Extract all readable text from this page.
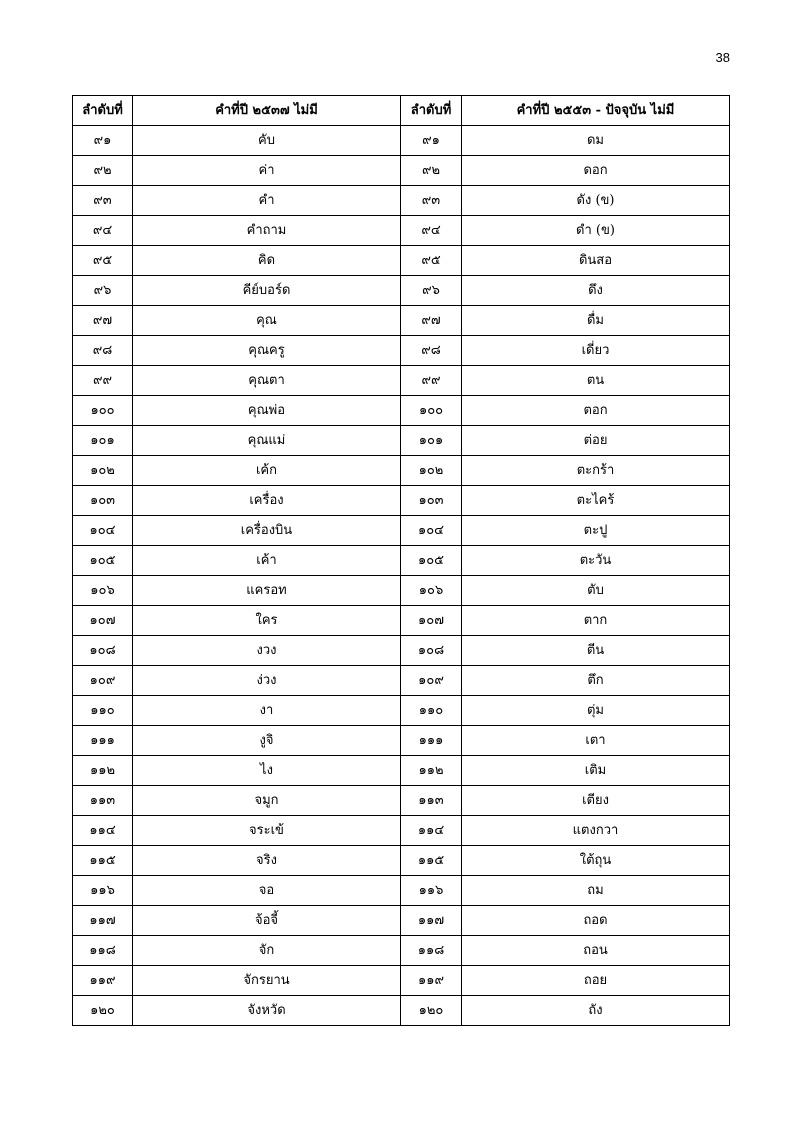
38
ลำดับที่	คำที่ปี ๒๕๓๗ ไม่มี	ลำดับที่	คำที่ปี ๒๕๕๓ - ปัจจุบัน ไม่มี
๙๑	คับ	๙๑	ดม
๙๒	ค่า	๙๒	ดอก
๙๓	คำ	๙๓	ดัง (ข)
๙๔	คำถาม	๙๔	ดำ (ข)
๙๕	คิด	๙๕	ดินสอ
๙๖	คีย์บอร์ด	๙๖	ดึง
๙๗	คุณ	๙๗	ดื่ม
๙๘	คุณครู	๙๘	เดี่ยว
๙๙	คุณตา	๙๙	ตน
๑๐๐	คุณพ่อ	๑๐๐	ตอก
๑๐๑	คุณแม่	๑๐๑	ต่อย
๑๐๒	เค้ก	๑๐๒	ตะกร้า
๑๐๓	เครื่อง	๑๐๓	ตะไคร้
๑๐๔	เครื่องบิน	๑๐๔	ตะปู
๑๐๕	เค้า	๑๐๕	ตะวัน
๑๐๖	แครอท	๑๐๖	ตับ
๑๐๗	ใคร	๑๐๗	ตาก
๑๐๘	งวง	๑๐๘	ตีน
๑๐๙	ง่วง	๑๐๙	ตึก
๑๑๐	งา	๑๑๐	ตุ่ม
๑๑๑	งูจิ	๑๑๑	เตา
๑๑๒	ไง	๑๑๒	เติม
๑๑๓	จมูก	๑๑๓	เตียง
๑๑๔	จระเข้	๑๑๔	แตงกวา
๑๑๕	จริง	๑๑๕	ใต้ถุน
๑๑๖	จอ	๑๑๖	ถม
๑๑๗	จ้อจี้	๑๑๗	ถอด
๑๑๘	จัก	๑๑๘	ถอน
๑๑๙	จักรยาน	๑๑๙	ถอย
๑๒๐	จังหวัด	๑๒๐	ถัง
